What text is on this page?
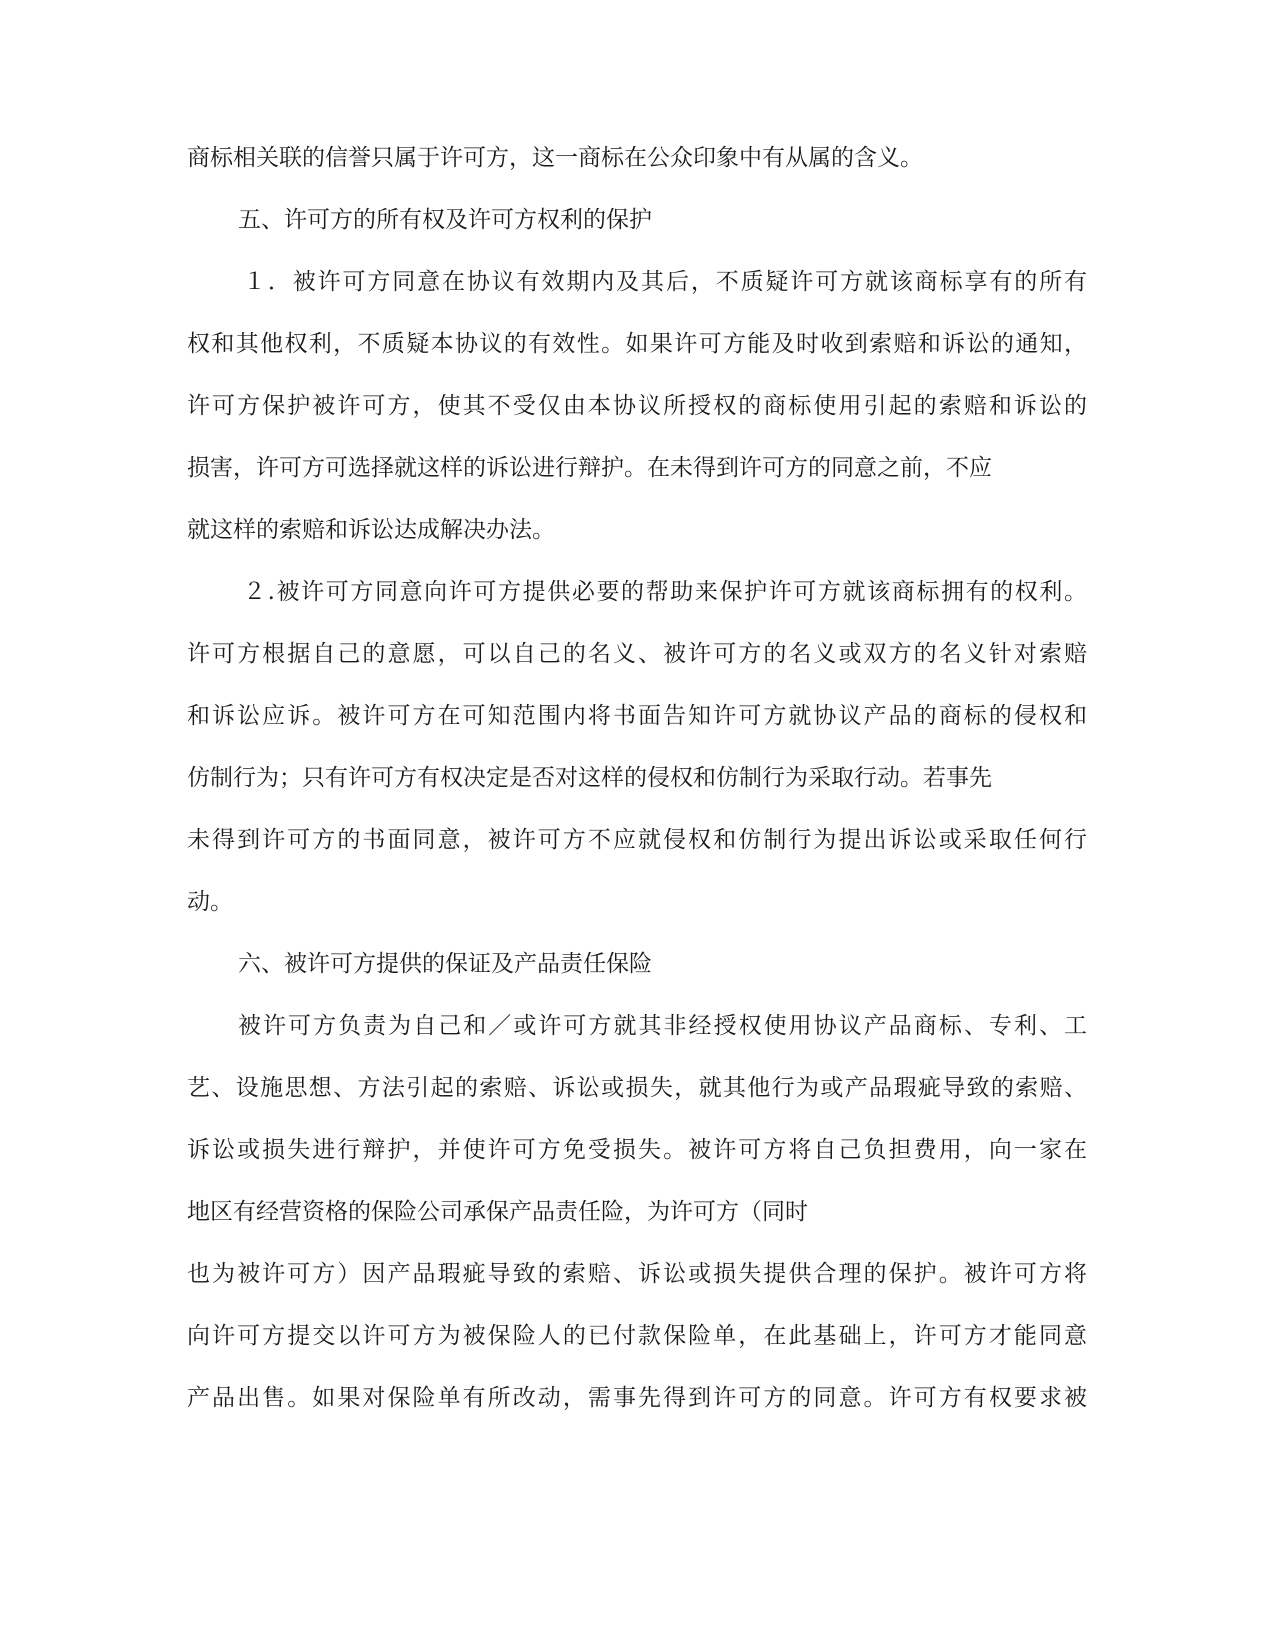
商标相关联的信誉只属于许可方，这一商标在公众印象中有从属的含义。
五、许可方的所有权及许可方权利的保护
１．被许可方同意在协议有效期内及其后，不质疑许可方就该商标享有的所有
权和其他权利，不质疑本协议的有效性。如果许可方能及时收到索赔和诉讼的通知，
许可方保护被许可方，使其不受仅由本协议所授权的商标使用引起的索赔和诉讼的
损害，许可方可选择就这样的诉讼进行辩护。在未得到许可方的同意之前，不应
就这样的索赔和诉讼达成解决办法。
２.被许可方同意向许可方提供必要的帮助来保护许可方就该商标拥有的权利。
许可方根据自己的意愿，可以自己的名义、被许可方的名义或双方的名义针对索赔
和诉讼应诉。被许可方在可知范围内将书面告知许可方就协议产品的商标的侵权和
仿制行为；只有许可方有权决定是否对这样的侵权和仿制行为采取行动。若事先
未得到许可方的书面同意，被许可方不应就侵权和仿制行为提出诉讼或采取任何行
动。
六、被许可方提供的保证及产品责任保险
被许可方负责为自己和／或许可方就其非经授权使用协议产品商标、专利、工
艺、设施思想、方法引起的索赔、诉讼或损失，就其他行为或产品瑕疵导致的索赔、
诉讼或损失进行辩护，并使许可方免受损失。被许可方将自己负担费用，向一家在
地区有经营资格的保险公司承保产品责任险，为许可方（同时
也为被许可方）因产品瑕疵导致的索赔、诉讼或损失提供合理的保护。被许可方将
向许可方提交以许可方为被保险人的已付款保险单，在此基础上，许可方才能同意
产品出售。如果对保险单有所改动，需事先得到许可方的同意。许可方有权要求被
